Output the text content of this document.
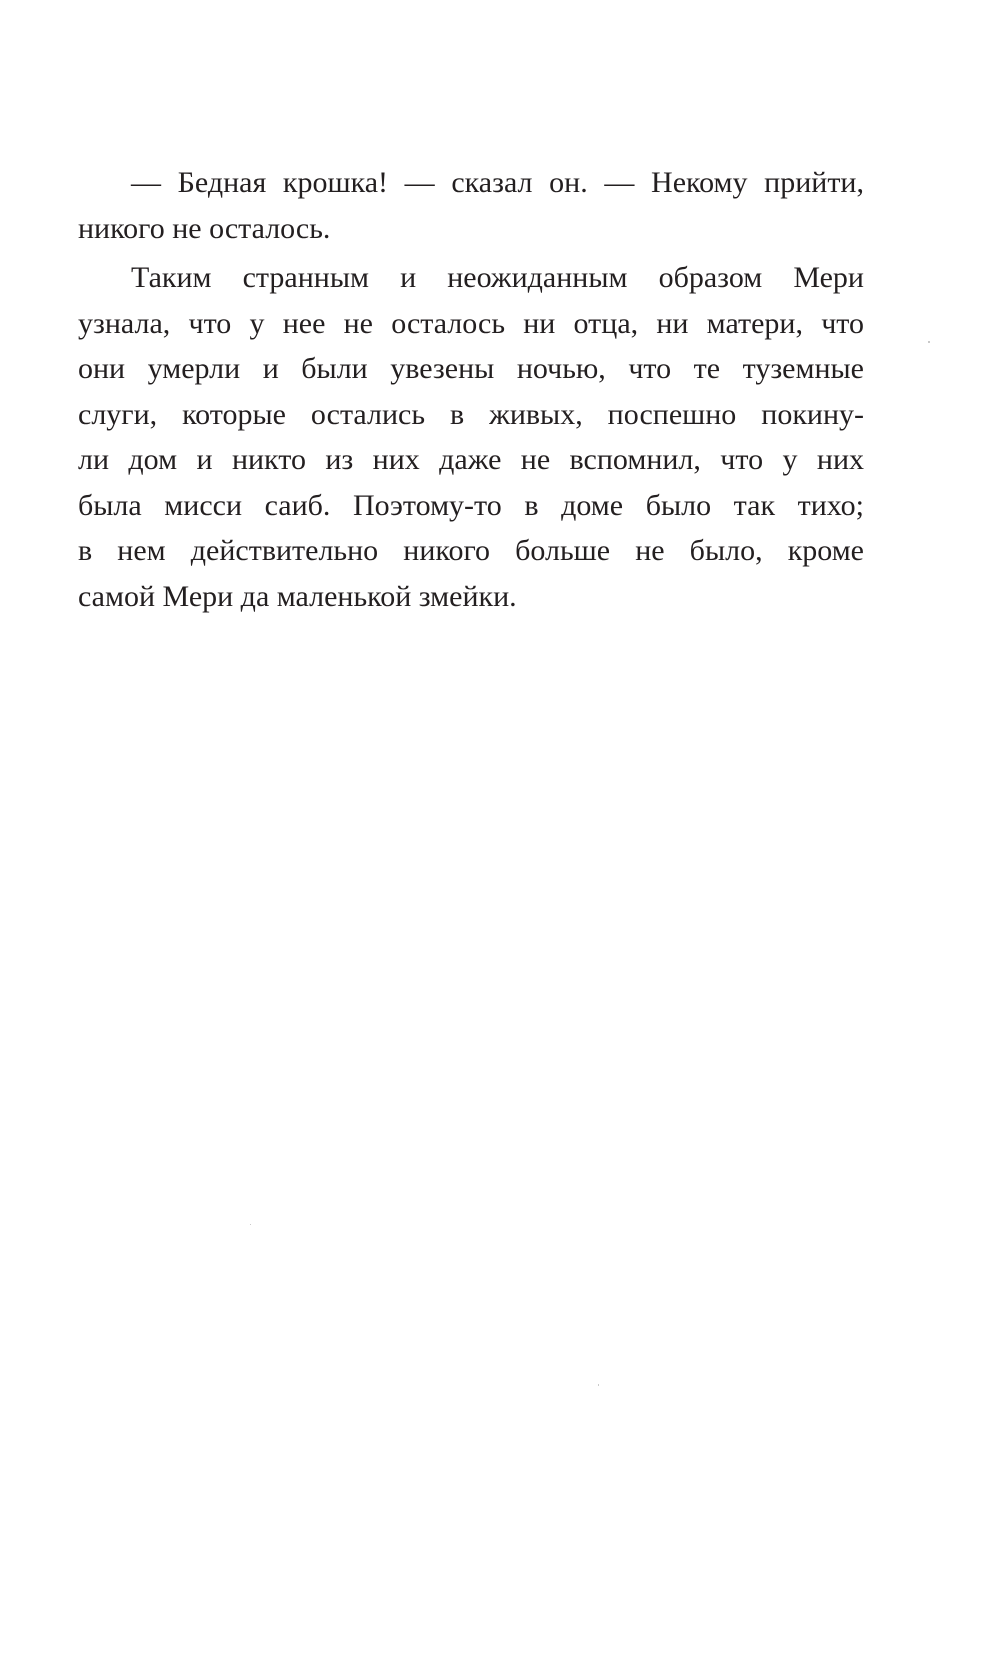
— Бедная крошка! — сказал он. — Некому прийти,
никого не осталось.
Таким странным и неожиданным образом Мери
узнала, что у нее не осталось ни отца, ни матери, что
они умерли и были увезены ночью, что те туземные
слуги, которые остались в живых, поспешно покину-
ли дом и никто из них даже не вспомнил, что у них
была мисси саиб. Поэтому-то в доме было так тихо;
в нем действительно никого больше не было, кроме
самой Мери да маленькой змейки.
